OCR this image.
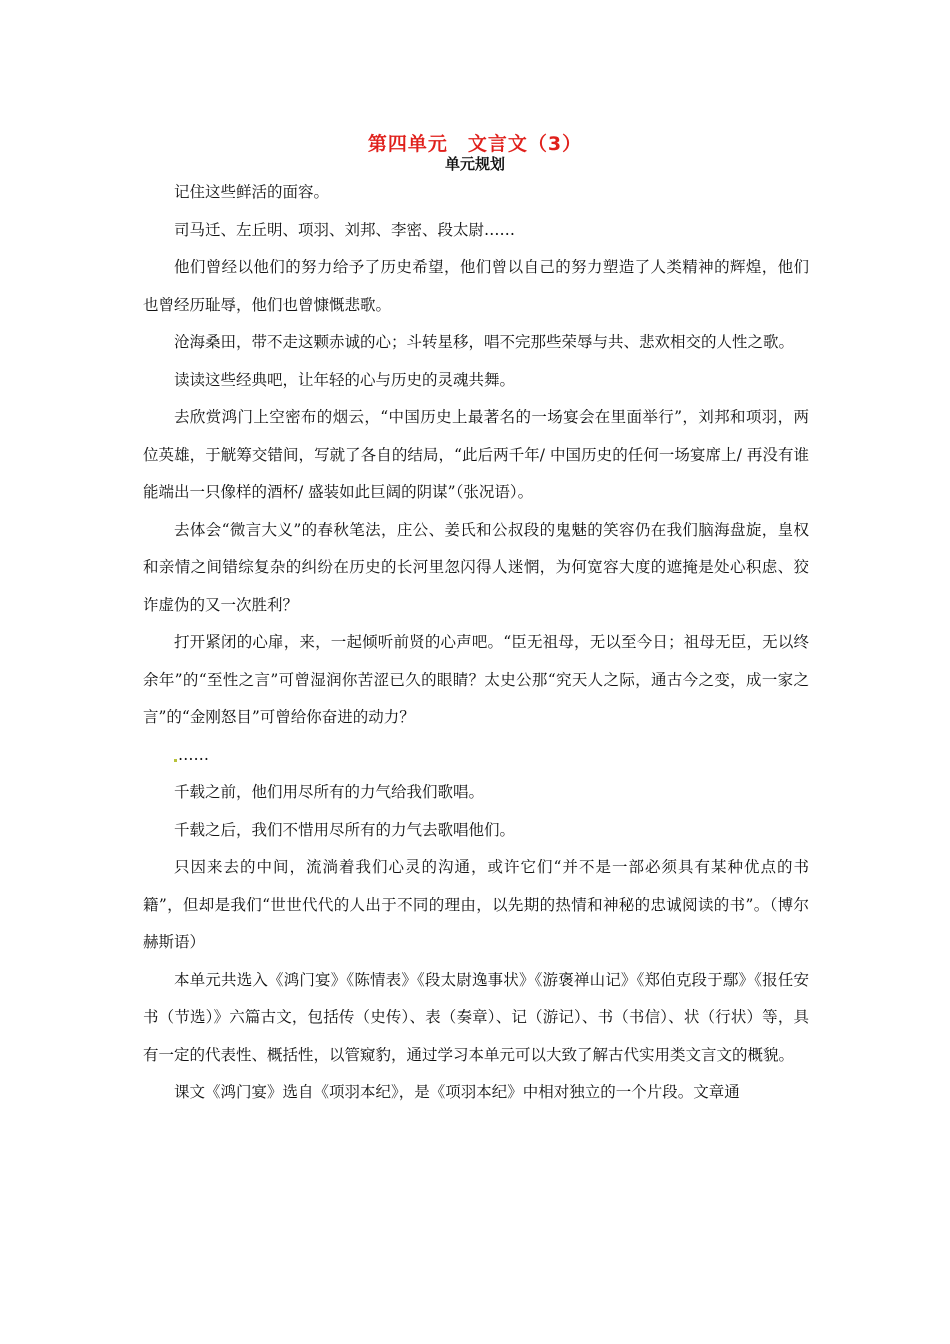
第四单元　文言文（3）
单元规划

记住这些鲜活的面容。

司马迁、左丘明、项羽、刘邦、李密、段太尉……

他们曾经以他们的努力给予了历史希望，他们曾以自己的努力塑造了人类精神的辉煌，他们也曾经历耻辱，他们也曾慷慨悲歌。

沧海桑田，带不走这颗赤诚的心；斗转星移，唱不完那些荣辱与共、悲欢相交的人性之歌。

读读这些经典吧，让年轻的心与历史的灵魂共舞。

去欣赏鸿门上空密布的烟云，“中国历史上最著名的一场宴会在里面举行”，刘邦和项羽，两位英雄，于觥筹交错间，写就了各自的结局，“此后两千年/ 中国历史的任何一场宴席上/ 再没有谁能端出一只像样的酒杯/ 盛装如此巨阔的阴谋”（张况语）。

去体会“微言大义”的春秋笔法，庄公、姜氏和公叔段的鬼魅的笑容仍在我们脑海盘旋，皇权和亲情之间错综复杂的纠纷在历史的长河里忽闪得人迷惘，为何宽容大度的遮掩是处心积虑、狡诈虚伪的又一次胜利？

打开紧闭的心扉，来，一起倾听前贤的心声吧。“臣无祖母，无以至今日；祖母无臣，无以终余年”的“至性之言”可曾湿润你苦涩已久的眼睛？太史公那“究天人之际，通古今之变，成一家之言”的“金刚怒目”可曾给你奋进的动力？

……

千载之前，他们用尽所有的力气给我们歌唱。

千载之后，我们不惜用尽所有的力气去歌唱他们。

只因来去的中间，流淌着我们心灵的沟通，或许它们“并不是一部必须具有某种优点的书籍”，但却是我们“世世代代的人出于不同的理由，以先期的热情和神秘的忠诚阅读的书”。（博尔赫斯语）

本单元共选入《鸿门宴》《陈情表》《段太尉逸事状》《游褒禅山记》《郑伯克段于鄢》《报任安书（节选）》六篇古文，包括传（史传）、表（奏章）、记（游记）、书（书信）、状（行状）等，具有一定的代表性、概括性，以管窥豹，通过学习本单元可以大致了解古代实用类文言文的概貌。

课文《鸿门宴》选自《项羽本纪》，是《项羽本纪》中相对独立的一个片段。文章通
